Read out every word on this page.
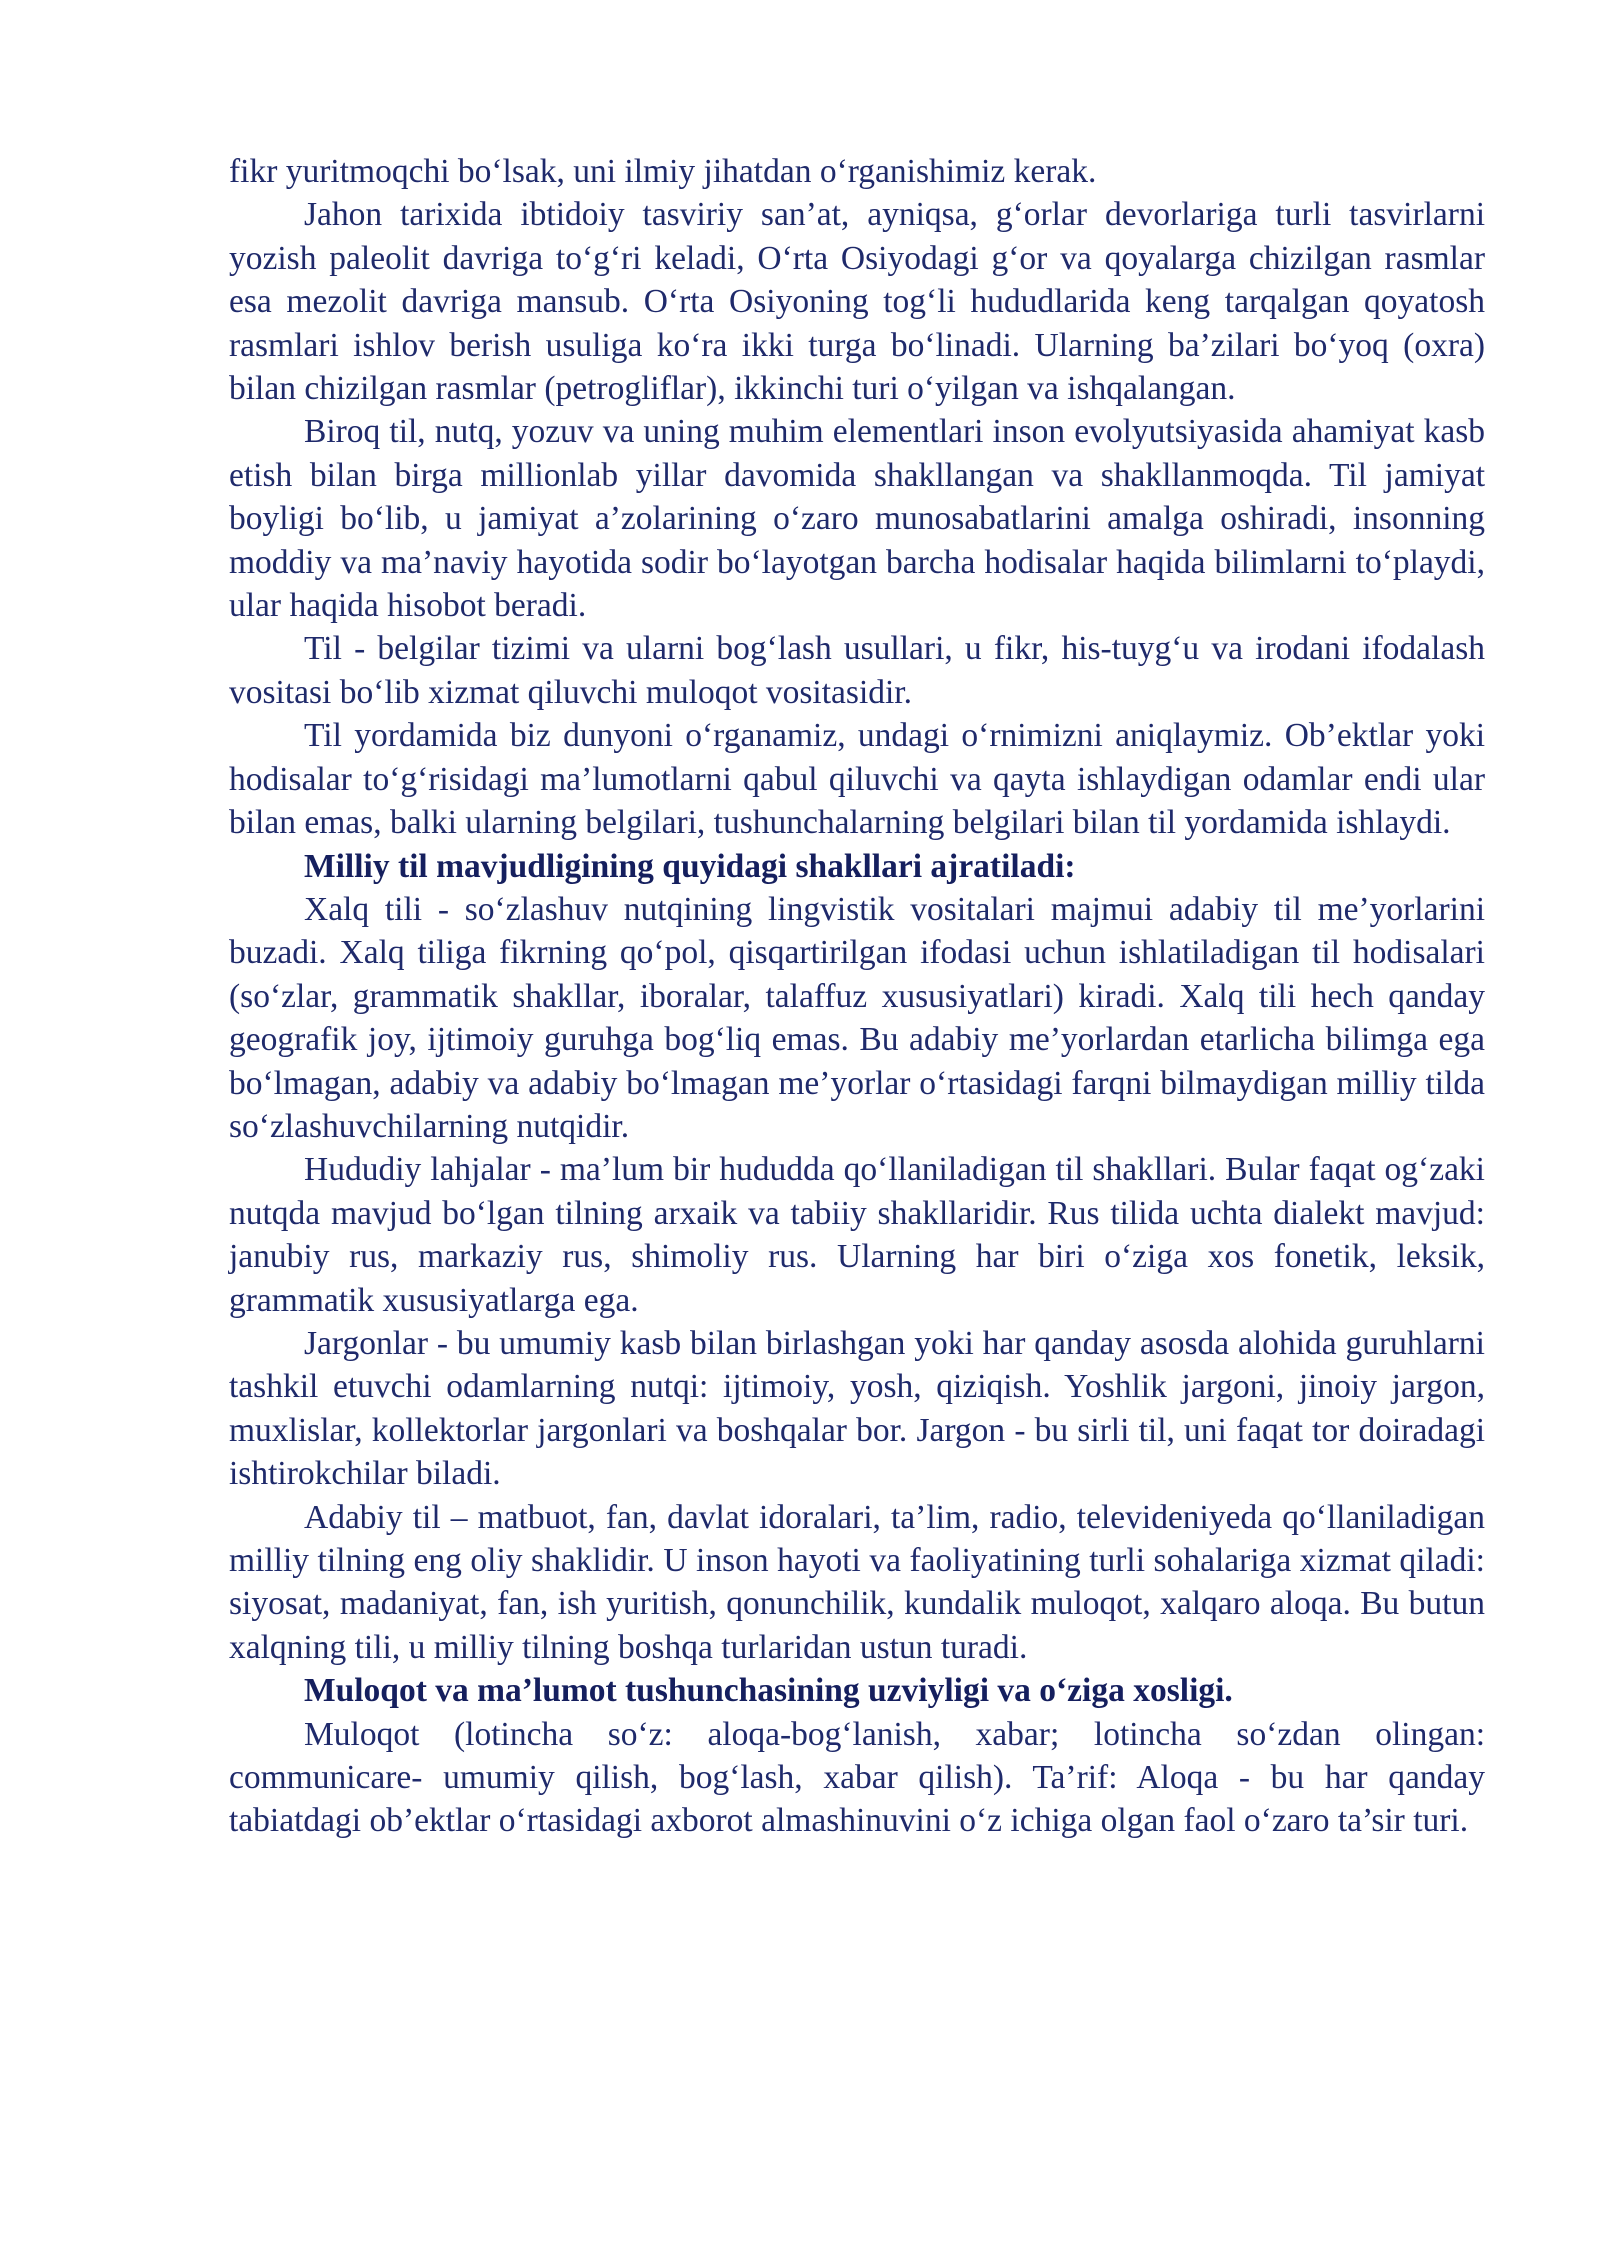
fikr yuritmoqchi bo‘lsak, uni ilmiy jihatdan o‘rganishimiz kerak.

Jahon tarixida ibtidoiy tasviriy san’at, ayniqsa, g‘orlar devorlariga turli tasvirlarni yozish paleolit davriga to‘g‘ri keladi, O‘rta Osiyodagi g‘or va qoyalarga chizilgan rasmlar esa mezolit davriga mansub. O‘rta Osiyoning tog‘li hududlarida keng tarqalgan qoyatosh rasmlari ishlov berish usuliga ko‘ra ikki turga bo‘linadi. Ularning ba’zilari bo‘yoq (oxra) bilan chizilgan rasmlar (petrogliflar), ikkinchi turi o‘yilgan va ishqalangan.

Biroq til, nutq, yozuv va uning muhim elementlari inson evolyutsiyasida ahamiyat kasb etish bilan birga millionlab yillar davomida shakllangan va shakllanmoqda. Til jamiyat boyligi bo‘lib, u jamiyat a’zolarining o‘zaro munosabatlarini amalga oshiradi, insonning moddiy va ma’naviy hayotida sodir bo‘layotgan barcha hodisalar haqida bilimlarni to‘playdi, ular haqida hisobot beradi.

Til - belgilar tizimi va ularni bog‘lash usullari, u fikr, his-tuyg‘u va irodani ifodalash vositasi bo‘lib xizmat qiluvchi muloqot vositasidir.

Til yordamida biz dunyoni o‘rganamiz, undagi o‘rnimizni aniqlaymiz. Ob’ektlar yoki hodisalar to‘g‘risidagi ma’lumotlarni qabul qiluvchi va qayta ishlaydigan odamlar endi ular bilan emas, balki ularning belgilari, tushunchalarning belgilari bilan til yordamida ishlaydi.

Milliy til mavjudligining quyidagi shakllari ajratiladi:

Xalq tili - so‘zlashuv nutqining lingvistik vositalari majmui adabiy til me’yorlarini buzadi. Xalq tiliga fikrning qo‘pol, qisqartirilgan ifodasi uchun ishlatiladigan til hodisalari (so‘zlar, grammatik shakllar, iboralar, talaffuz xususiyatlari) kiradi. Xalq tili hech qanday geografik joy, ijtimoiy guruhga bog‘liq emas. Bu adabiy me’yorlardan etarlicha bilimga ega bo‘lmagan, adabiy va adabiy bo‘lmagan me’yorlar o‘rtasidagi farqni bilmaydigan milliy tilda so‘zlashuvchilarning nutqidir.

Hududiy lahjalar - ma’lum bir hududda qo‘llaniladigan til shakllari. Bular faqat og‘zaki nutqda mavjud bo‘lgan tilning arxaik va tabiiy shakllaridir. Rus tilida uchta dialekt mavjud: janubiy rus, markaziy rus, shimoliy rus. Ularning har biri o‘ziga xos fonetik, leksik, grammatik xususiyatlarga ega.

Jargonlar - bu umumiy kasb bilan birlashgan yoki har qanday asosda alohida guruhlarni tashkil etuvchi odamlarning nutqi: ijtimoiy, yosh, qiziqish. Yoshlik jargoni, jinoiy jargon, muxlislar, kollektorlar jargonlari va boshqalar bor. Jargon - bu sirli til, uni faqat tor doiradagi ishtirokchilar biladi.

Adabiy til – matbuot, fan, davlat idoralari, ta’lim, radio, televideniyeda qo‘llaniladigan milliy tilning eng oliy shaklidir. U inson hayoti va faoliyatining turli sohalariga xizmat qiladi: siyosat, madaniyat, fan, ish yuritish, qonunchilik, kundalik muloqot, xalqaro aloqa. Bu butun xalqning tili, u milliy tilning boshqa turlaridan ustun turadi.

Muloqot va ma’lumot tushunchasining uzviyligi va o‘ziga xosligi.

Muloqot (lotincha so‘z: aloqa-bog‘lanish, xabar; lotincha so‘zdan olingan: communicare- umumiy qilish, bog‘lash, xabar qilish). Ta’rif: Aloqa - bu har qanday tabiatdagi ob’ektlar o‘rtasidagi axborot almashinuvini o‘z ichiga olgan faol o‘zaro ta’sir turi.
